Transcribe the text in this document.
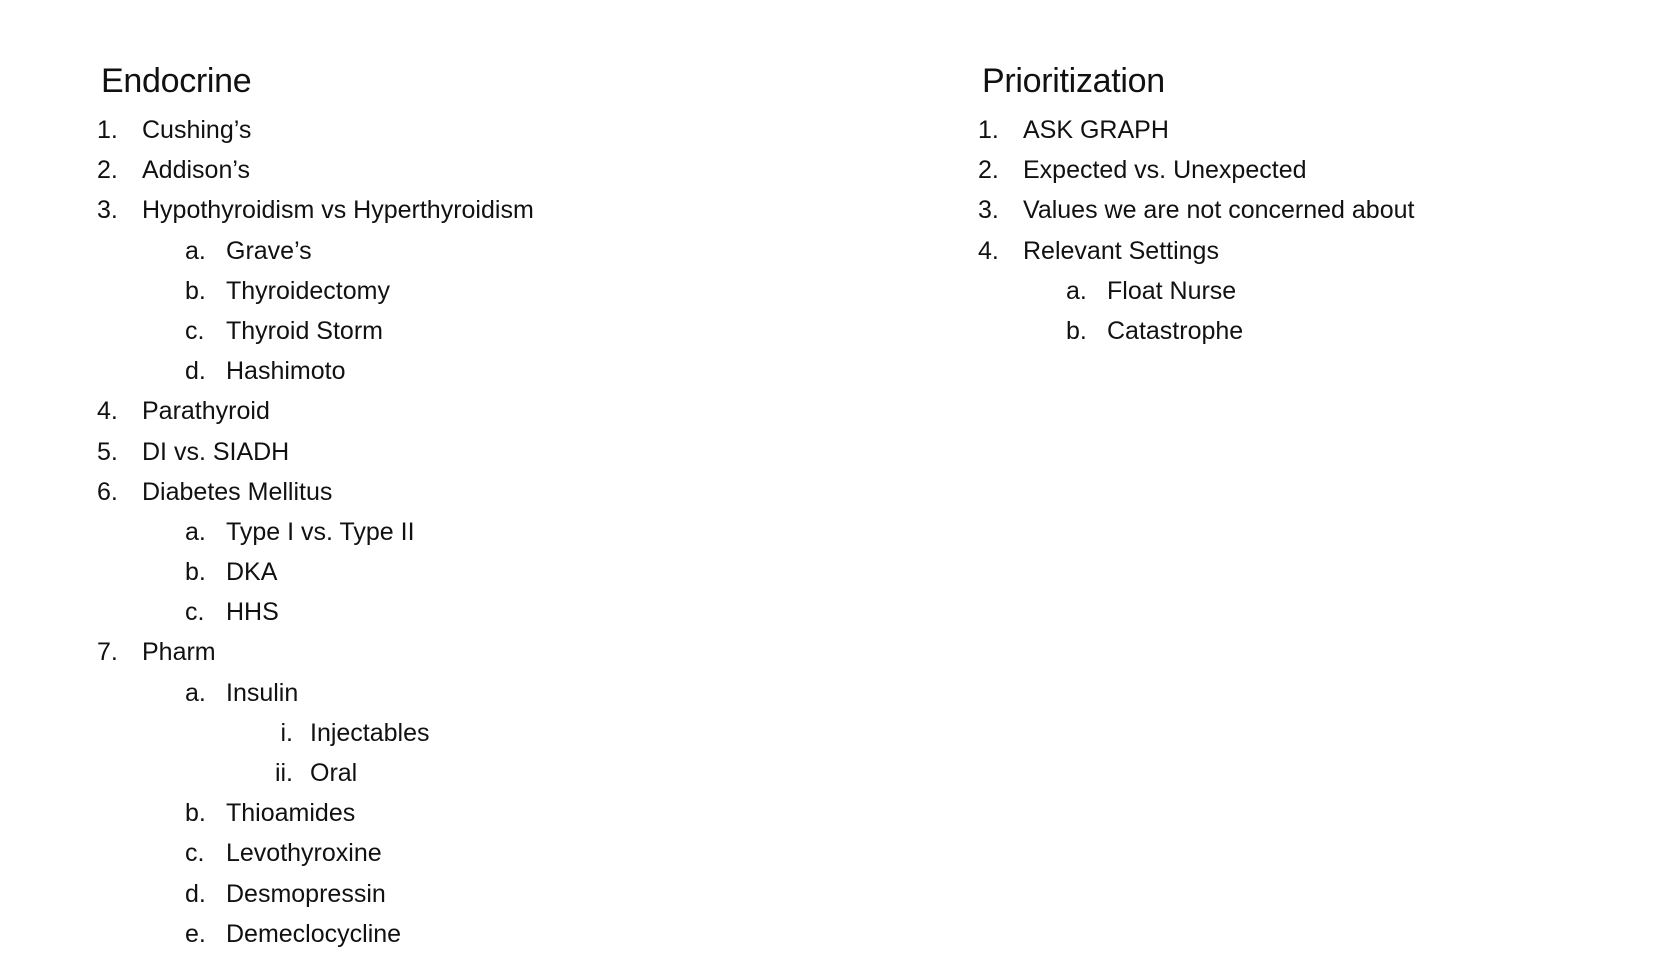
Endocrine
1. Cushing’s
2. Addison’s
3. Hypothyroidism vs Hyperthyroidism
a. Grave’s
b. Thyroidectomy
c. Thyroid Storm
d. Hashimoto
4. Parathyroid
5. DI vs. SIADH
6. Diabetes Mellitus
a. Type I vs. Type II
b. DKA
c. HHS
7. Pharm
a. Insulin
i. Injectables
ii. Oral
b. Thioamides
c. Levothyroxine
d. Desmopressin
e. Demeclocycline
Prioritization
1. ASK GRAPH
2. Expected vs. Unexpected
3. Values we are not concerned about
4. Relevant Settings
a. Float Nurse
b. Catastrophe
